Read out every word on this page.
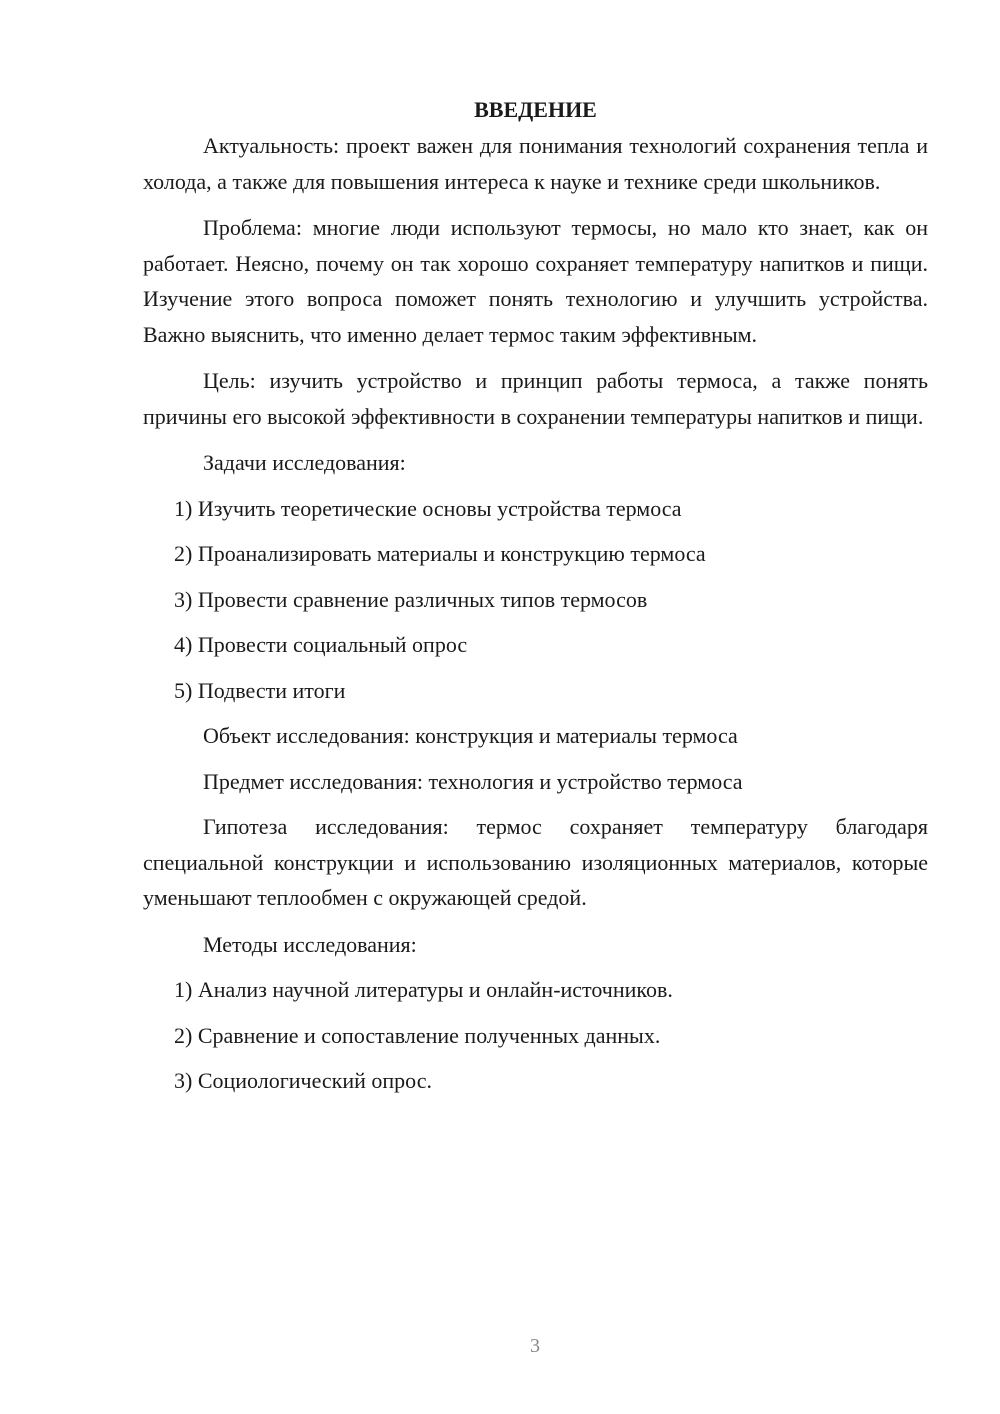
ВВЕДЕНИЕ

Актуальность: проект важен для понимания технологий сохранения тепла и холода, а также для повышения интереса к науке и технике среди школьников.

Проблема: многие люди используют термосы, но мало кто знает, как он работает. Неясно, почему он так хорошо сохраняет температуру напитков и пищи. Изучение этого вопроса поможет понять технологию и улучшить устройства. Важно выяснить, что именно делает термос таким эффективным.

Цель: изучить устройство и принцип работы термоса, а также понять причины его высокой эффективности в сохранении температуры напитков и пищи.

Задачи исследования:
1) Изучить теоретические основы устройства термоса
2) Проанализировать материалы и конструкцию термоса
3) Провести сравнение различных типов термосов
4) Провести социальный опрос
5) Подвести итоги
Объект исследования: конструкция и материалы термоса
Предмет исследования: технология и устройство термоса

Гипотеза исследования: термос сохраняет температуру благодаря специальной конструкции и использованию изоляционных материалов, которые уменьшают теплообмен с окружающей средой.

Методы исследования:
1) Анализ научной литературы и онлайн-источников.
2) Сравнение и сопоставление полученных данных.
3) Социологический опрос.
3
